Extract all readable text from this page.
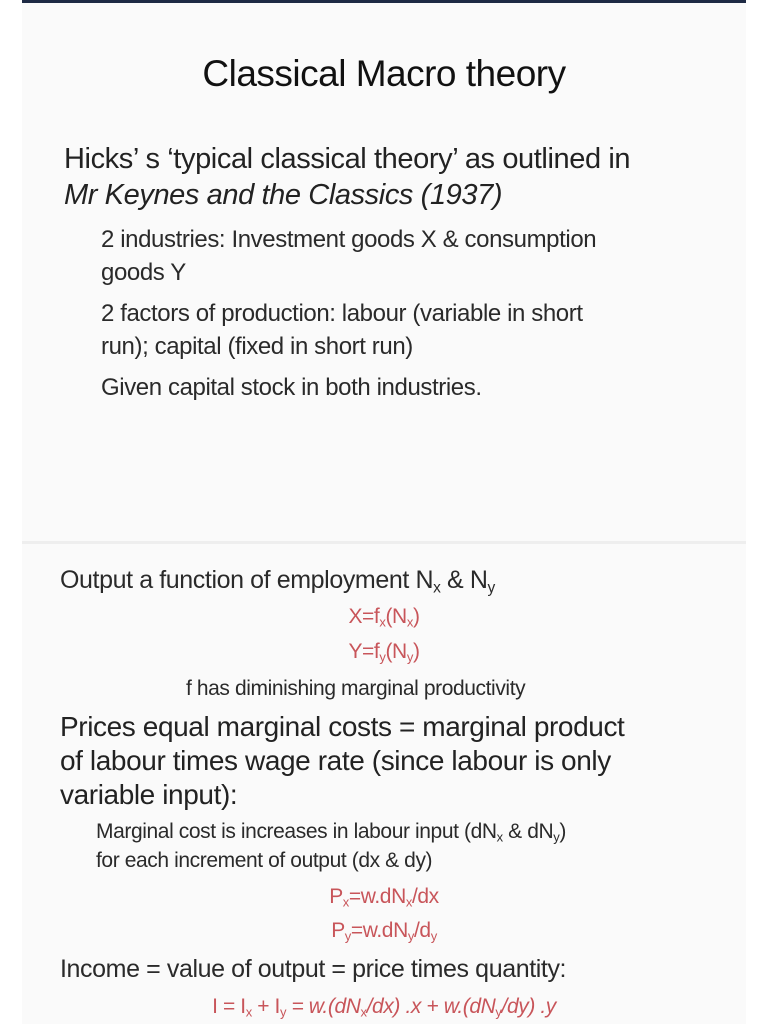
Classical Macro theory
Hicks’ s ‘typical classical theory’ as outlined in
Mr Keynes and the Classics (1937)
2 industries: Investment goods X & consumption
goods Y
2 factors of production: labour (variable in short
run); capital (fixed in short run)
Given capital stock in both industries.
Output a function of employment $N_x$ & $N_y$
$X=f_x(N_x)$
$Y=f_y(N_y)$
f has diminishing marginal productivity
Prices equal marginal costs = marginal product
of labour times wage rate (since labour is only
variable input):
Marginal cost is increases in labour input ($dN_x$ & $dN_y$)
for each increment of output (dx & dy)
$P_x=w.dN_x/dx$
$P_y=w.dN_y/d_y$
Income = value of output = price times quantity:
$I = I_x + I_y = w.(dN_x/dx) .x + w.(dN_y/dy)$ .y
